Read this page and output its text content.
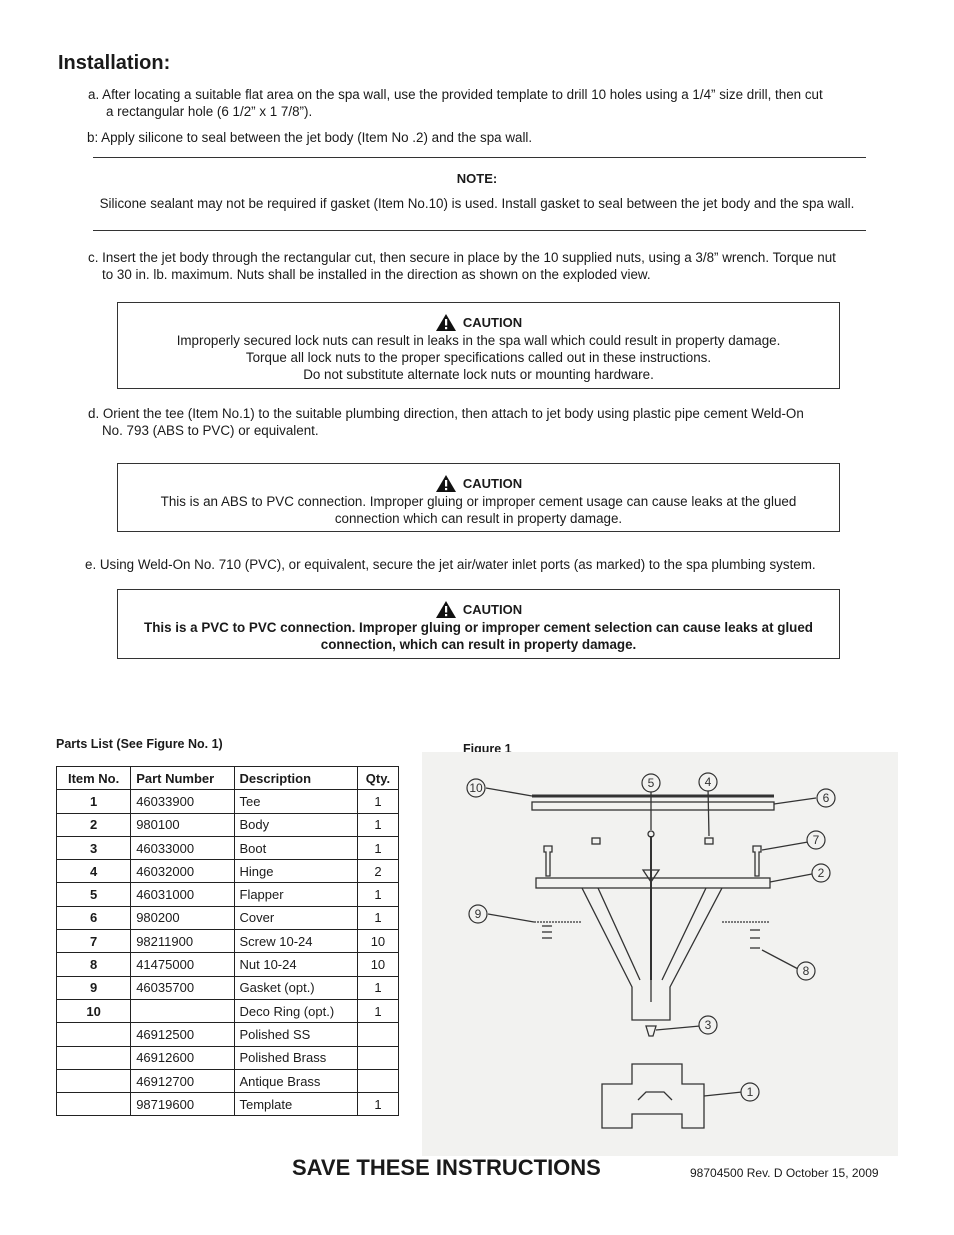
Installation:
a. After locating a suitable flat area on the spa wall, use the provided template to drill 10 holes using a 1/4” size drill, then cut
a rectangular hole (6 1/2” x 1 7/8”).
b: Apply silicone to seal between the jet body (Item No .2) and the spa wall.
NOTE:
Silicone sealant may not be required if gasket (Item No.10) is used. Install gasket to seal between the jet body and the spa wall.
c. Insert the jet body through the rectangular cut, then secure in place by the 10 supplied nuts, using a 3/8” wrench. Torque nut
to 30 in. lb. maximum. Nuts shall be installed in the direction as shown on the exploded view.
CAUTION
Improperly secured lock nuts can result in leaks in the spa wall which could result in property damage.
Torque all lock nuts to the proper specifications called out in these instructions.
Do not substitute alternate lock nuts or mounting hardware.
d. Orient the tee (Item No.1) to the suitable plumbing direction, then attach to jet body using plastic pipe cement Weld-On
No. 793 (ABS to PVC) or equivalent.
CAUTION
This is an ABS to PVC connection. Improper gluing or improper cement usage can cause leaks at the glued
connection which can result in property damage.
e. Using Weld-On No. 710 (PVC), or equivalent, secure the jet air/water inlet ports (as marked) to the spa plumbing system.
CAUTION
This is a PVC to PVC connection. Improper gluing or improper cement selection can cause leaks at glued
connection, which can result in property damage.
Parts List (See Figure No. 1)	Figure 1
Item No.	Part Number	Description	Qty.
1	46033900	Tee	1
2	980100	Body	1
3	46033000	Boot	1
4	46032000	Hinge	2
5	46031000	Flapper	1
6	980200	Cover	1
7	98211900	Screw 10-24	10
8	41475000	Nut 10-24	10
9	46035700	Gasket (opt.)	1
10		Deco Ring (opt.)	1
	46912500	Polished SS	
	46912600	Polished Brass	
	46912700	Antique Brass	
	98719600	Template	1
10	5	4
6
7
2
9
8
3
1
SAVE THESE INSTRUCTIONS	98704500 Rev. D October 15, 2009
